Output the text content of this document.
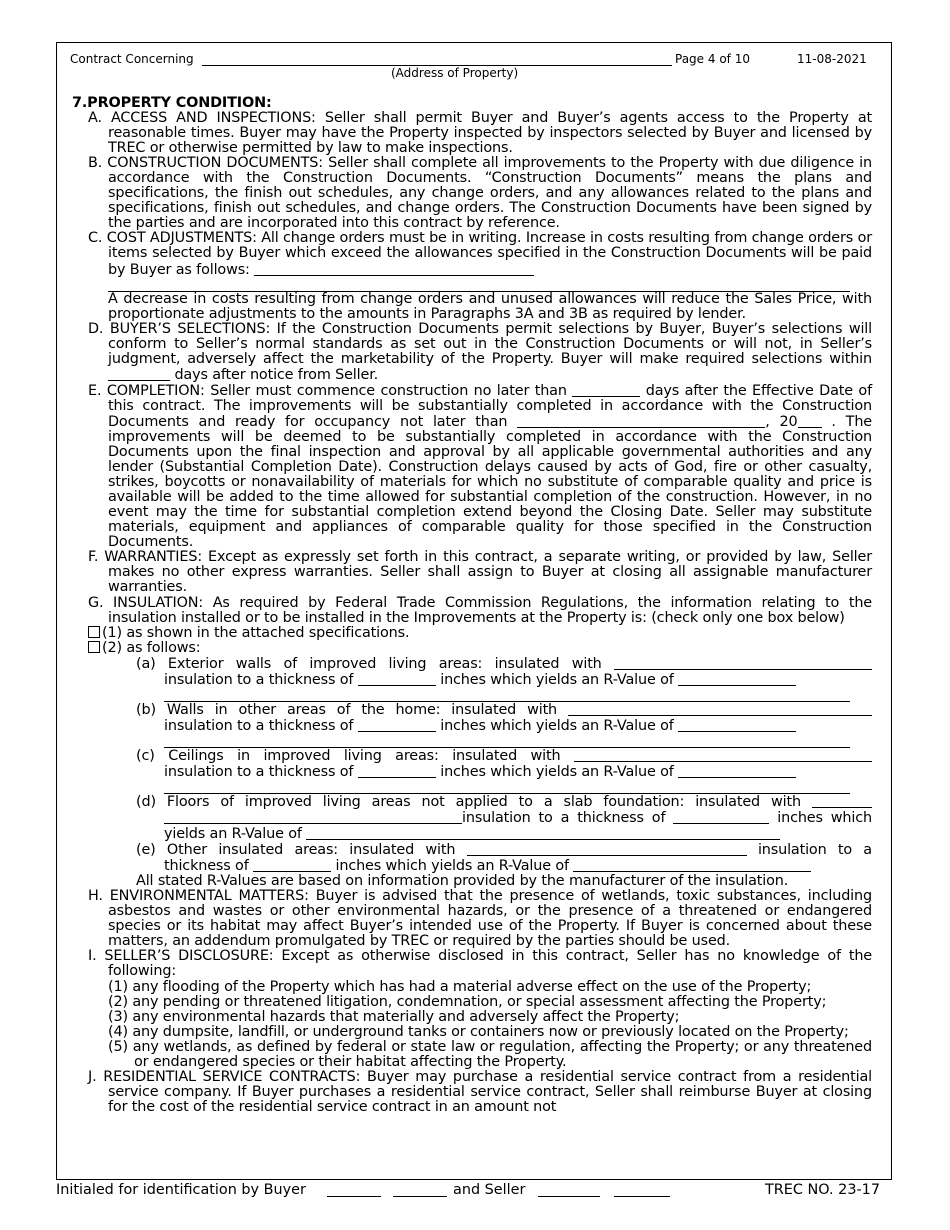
Contract Concerning
(Address of Property)
Page 4 of 10	11-08-2021

7.PROPERTY CONDITION:

A. ACCESS AND INSPECTIONS: Seller shall permit Buyer and Buyer’s agents access to the Property at reasonable times. Buyer may have the Property inspected by inspectors selected by Buyer and licensed by TREC or otherwise permitted by law to make inspections.

B. CONSTRUCTION DOCUMENTS: Seller shall complete all improvements to the Property with due diligence in accordance with the Construction Documents. “Construction Documents” means the plans and specifications, the finish out schedules, any change orders, and any allowances related to the plans and specifications, finish out schedules, and change orders. The Construction Documents have been signed by the parties and are incorporated into this contract by reference.

C. COST ADJUSTMENTS: All change orders must be in writing. Increase in costs resulting from change orders or items selected by Buyer which exceed the allowances specified in the Construction Documents will be paid by Buyer as follows:

A decrease in costs resulting from change orders and unused allowances will reduce the Sales Price, with proportionate adjustments to the amounts in Paragraphs 3A and 3B as required by lender.

D. BUYER’S SELECTIONS: If the Construction Documents permit selections by Buyer, Buyer’s selections will conform to Seller’s normal standards as set out in the Construction Documents or will not, in Seller’s judgment, adversely affect the marketability of the Property. Buyer will make required selections within  days after notice from Seller.

E. COMPLETION: Seller must commence construction no later than	days after the Effective Date of this contract. The improvements will be substantially completed in accordance with the Construction Documents and ready for occupancy not later than	, 20 . The improvements will be deemed to be substantially completed in accordance with the Construction Documents upon the final inspection and approval by all applicable governmental authorities and any lender (Substantial Completion Date). Construction delays caused by acts of God, fire or other casualty, strikes, boycotts or nonavailability of materials for which no substitute of comparable quality and price is available will be added to the time allowed for substantial completion of the construction. However, in no event may the time for substantial completion extend beyond the Closing Date. Seller may substitute materials, equipment and appliances of comparable quality for those specified in the Construction Documents.

F. WARRANTIES: Except as expressly set forth in this contract, a separate writing, or provided by law, Seller makes no other express warranties. Seller shall assign to Buyer at closing all assignable manufacturer warranties.

G. INSULATION: As required by Federal Trade Commission Regulations, the information relating to the insulation installed or to be installed in the Improvements at the Property is: (check only one box below)

(1) as shown in the attached specifications.

(2) as follows:

(a) Exterior walls of improved living areas: insulated with  insulation to a thickness of	inches which yields an R-Value of

(b) Walls in other areas of the home: insulated with  insulation to a thickness of	inches which yields an R-Value of

(c) Ceilings in improved living areas: insulated with  insulation to a thickness of	inches which yields an R-Value of

(d) Floors of improved living areas not applied to a slab foundation: insulated with  insulation to a thickness of	inches which yields an R-Value of

(e) Other insulated areas: insulated with	insulation to a thickness of	inches which yields an R-Value of

All stated R-Values are based on information provided by the manufacturer of the insulation.

H. ENVIRONMENTAL MATTERS: Buyer is advised that the presence of wetlands, toxic substances, including asbestos and wastes or other environmental hazards, or the presence of a threatened or endangered species or its habitat may affect Buyer’s intended use of the Property. If Buyer is concerned about these matters, an addendum promulgated by TREC or required by the parties should be used.

I. SELLER’S DISCLOSURE: Except as otherwise disclosed in this contract, Seller has no knowledge of the following:

(1) any flooding of the Property which has had a material adverse effect on the use of the Property;

(2) any pending or threatened litigation, condemnation, or special assessment affecting the Property;

(3) any environmental hazards that materially and adversely affect the Property;

(4) any dumpsite, landfill, or underground tanks or containers now or previously located on the Property;

(5) any wetlands, as defined by federal or state law or regulation, affecting the Property; or any threatened or endangered species or their habitat affecting the Property.

J. RESIDENTIAL SERVICE CONTRACTS: Buyer may purchase a residential service contract from a residential service company. If Buyer purchases a residential service contract, Seller shall reimburse Buyer at closing for the cost of the residential service contract in an amount not

Initialed for identification by Buyer	and Seller	TREC NO. 23-17
